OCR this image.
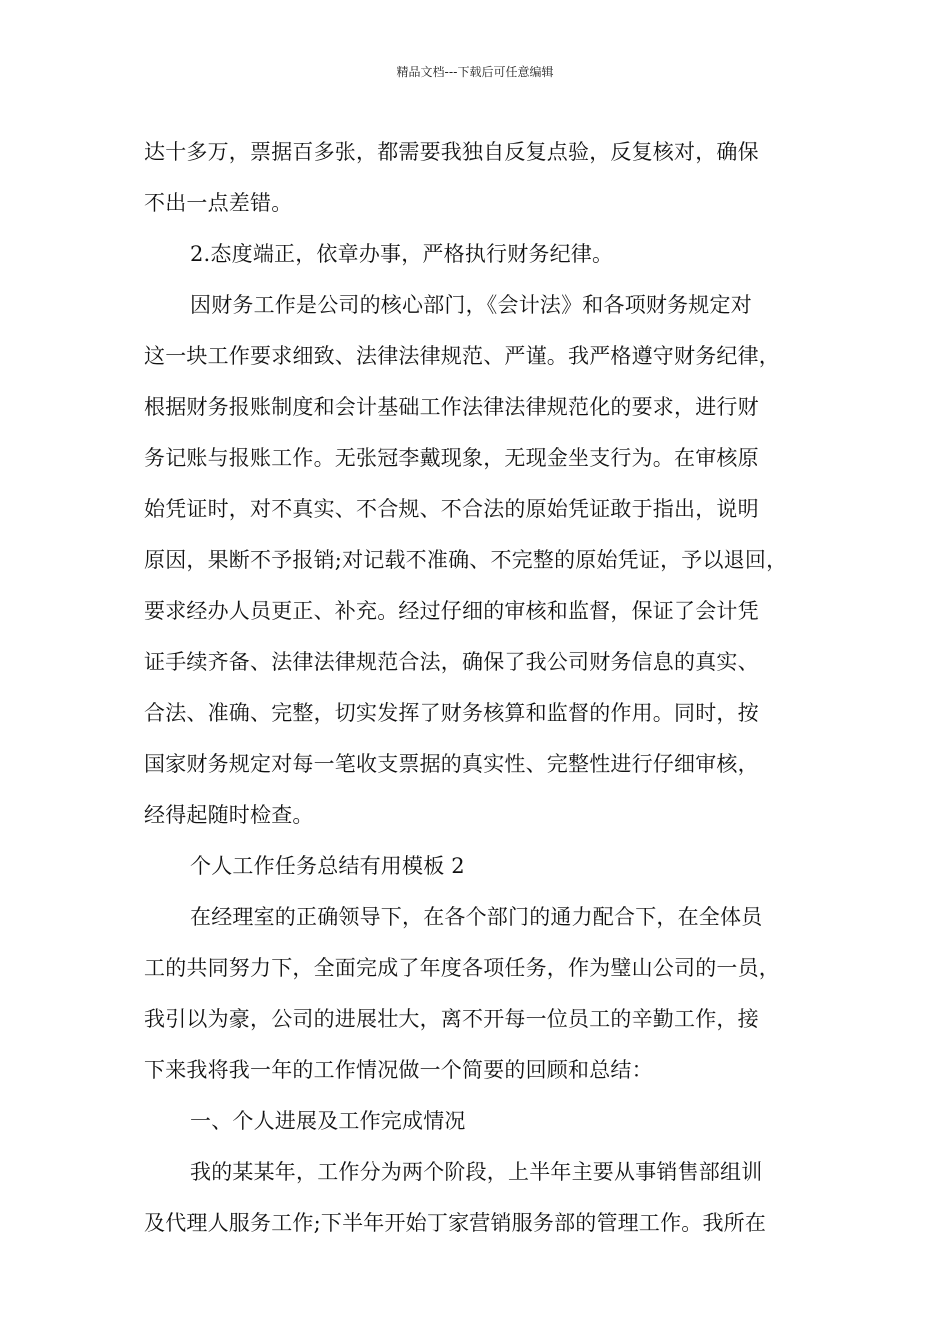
精品文档---下载后可任意编辑
达十多万，票据百多张，都需要我独自反复点验，反复核对，确保
不出一点差错。
2.态度端正，依章办事，严格执行财务纪律。
因财务工作是公司的核心部门，《会计法》和各项财务规定对
这一块工作要求细致、法律法律规范、严谨。我严格遵守财务纪律，
根据财务报账制度和会计基础工作法律法律规范化的要求，进行财
务记账与报账工作。无张冠李戴现象，无现金坐支行为。在审核原
始凭证时，对不真实、不合规、不合法的原始凭证敢于指出，说明
原因，果断不予报销;对记载不准确、不完整的原始凭证，予以退回，
要求经办人员更正、补充。经过仔细的审核和监督，保证了会计凭
证手续齐备、法律法律规范合法，确保了我公司财务信息的真实、
合法、准确、完整，切实发挥了财务核算和监督的作用。同时，按
国家财务规定对每一笔收支票据的真实性、完整性进行仔细审核，
经得起随时检查。
个人工作任务总结有用模板 2
在经理室的正确领导下，在各个部门的通力配合下，在全体员
工的共同努力下，全面完成了年度各项任务，作为璧山公司的一员，
我引以为豪，公司的进展壮大，离不开每一位员工的辛勤工作，接
下来我将我一年的工作情况做一个简要的回顾和总结：
一、个人进展及工作完成情况
我的某某年，工作分为两个阶段，上半年主要从事销售部组训
及代理人服务工作;下半年开始丁家营销服务部的管理工作。我所在
